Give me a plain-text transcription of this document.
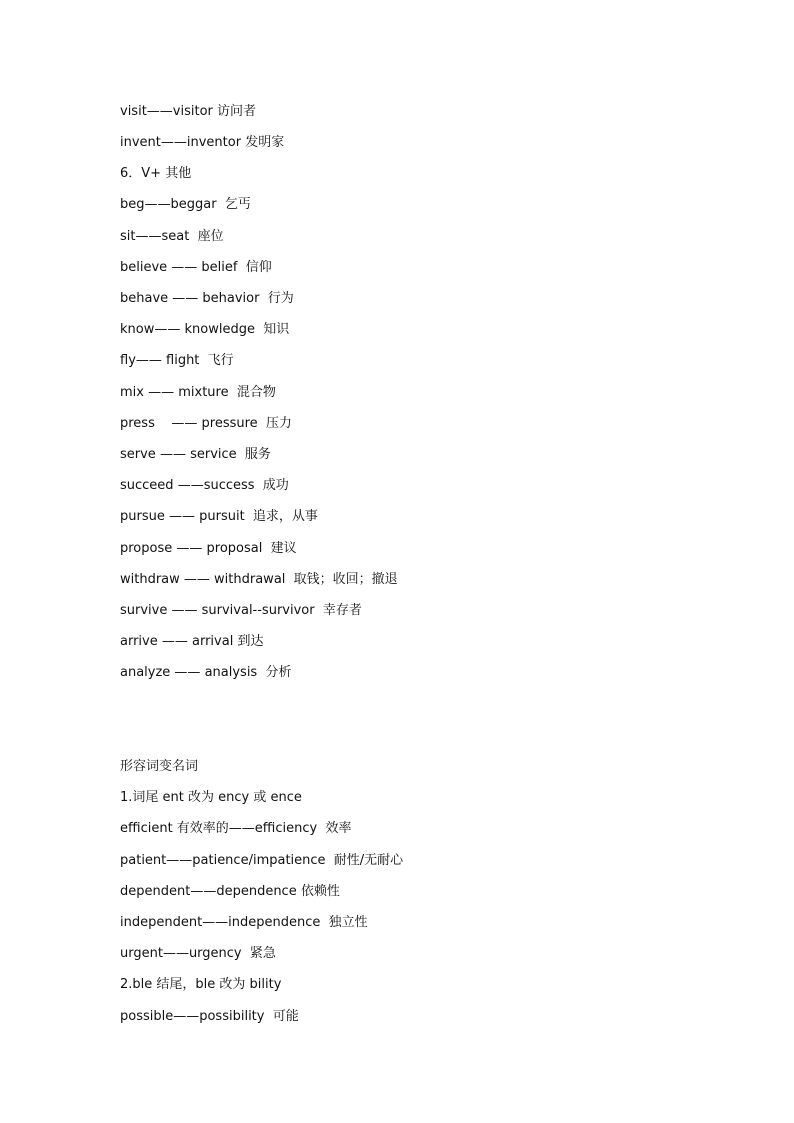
visit——visitor 访问者
invent——inventor 发明家
6．V+ 其他
beg——beggar  乞丐
sit——seat  座位
believe —— belief  信仰
behave —— behavior  行为
know—— knowledge  知识
fly—— flight  飞行
mix —— mixture  混合物
press    —— pressure  压力
serve —— service  服务
succeed ——success  成功
pursue —— pursuit  追求，从事
propose —— proposal  建议
withdraw —— withdrawal  取钱；收回；撤退
survive —— survival--survivor  幸存者
arrive —— arrival 到达
analyze —— analysis  分析
形容词变名词
1.词尾 ent 改为 ency 或 ence
efficient 有效率的——efficiency  效率
patient——patience/impatience  耐性/无耐心
dependent——dependence 依赖性
independent——independence  独立性
urgent——urgency  紧急
2.ble 结尾，ble 改为 bility
possible——possibility  可能
